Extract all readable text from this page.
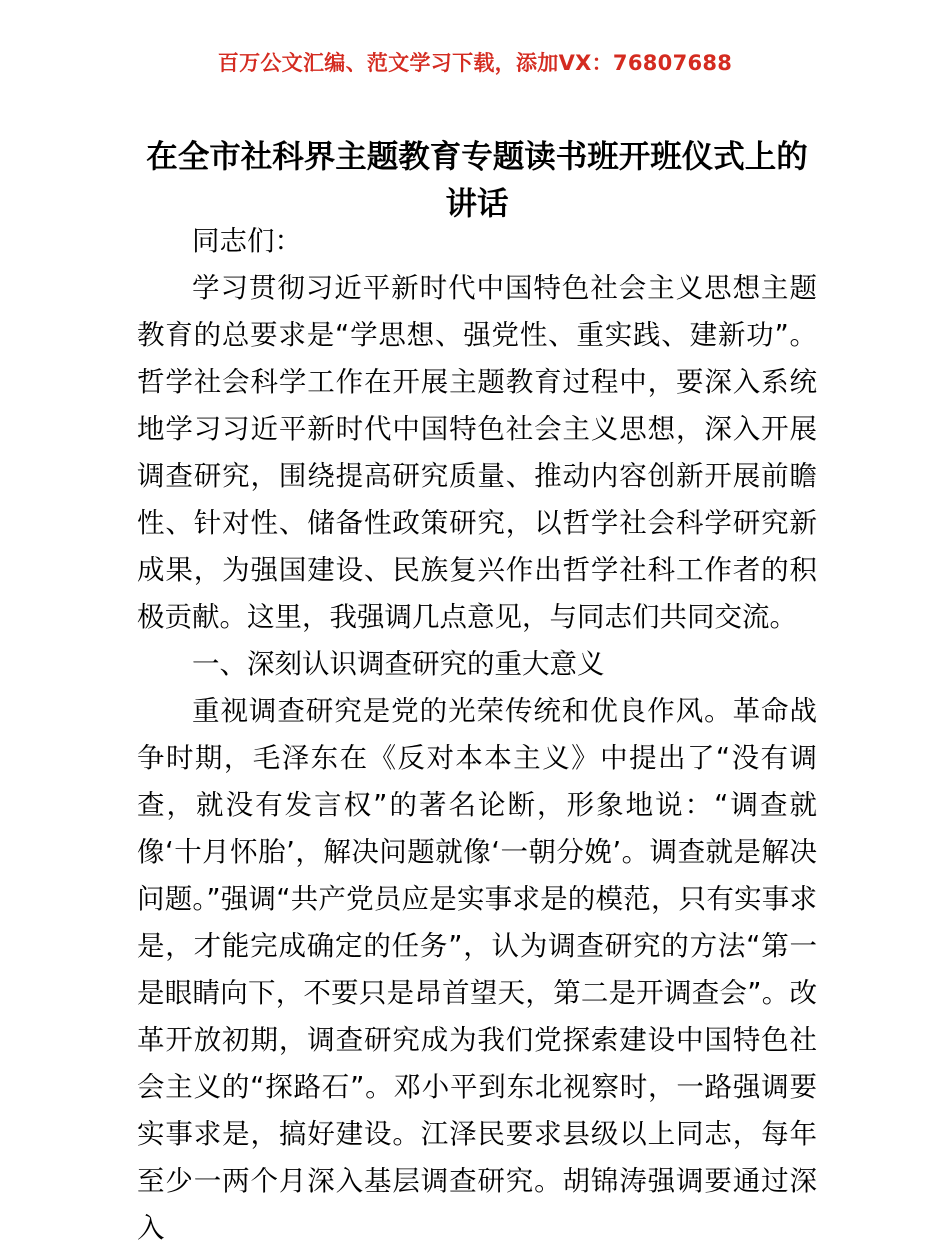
百万公文汇编、范文学习下载，添加VX：76807688
在全市社科界主题教育专题读书班开班仪式上的讲话

同志们：

学习贯彻习近平新时代中国特色社会主义思想主题教育的总要求是“学思想、强党性、重实践、建新功”。哲学社会科学工作在开展主题教育过程中，要深入系统地学习习近平新时代中国特色社会主义思想，深入开展调查研究，围绕提高研究质量、推动内容创新开展前瞻性、针对性、储备性政策研究，以哲学社会科学研究新成果，为强国建设、民族复兴作出哲学社科工作者的积极贡献。这里，我强调几点意见，与同志们共同交流。

一、深刻认识调查研究的重大意义

重视调查研究是党的光荣传统和优良作风。革命战争时期，毛泽东在《反对本本主义》中提出了“没有调查，就没有发言权”的著名论断，形象地说：“调查就像‘十月怀胎’，解决问题就像‘一朝分娩’。调查就是解决问题。”强调“共产党员应是实事求是的模范，只有实事求是，才能完成确定的任务”，认为调查研究的方法“第一是眼睛向下，不要只是昂首望天，第二是开调查会”。改革开放初期，调查研究成为我们党探索建设中国特色社会主义的“探路石”。邓小平到东北视察时，一路强调要实事求是，搞好建设。江泽民要求县级以上同志，每年至少一两个月深入基层调查研究。胡锦涛强调要通过深入
